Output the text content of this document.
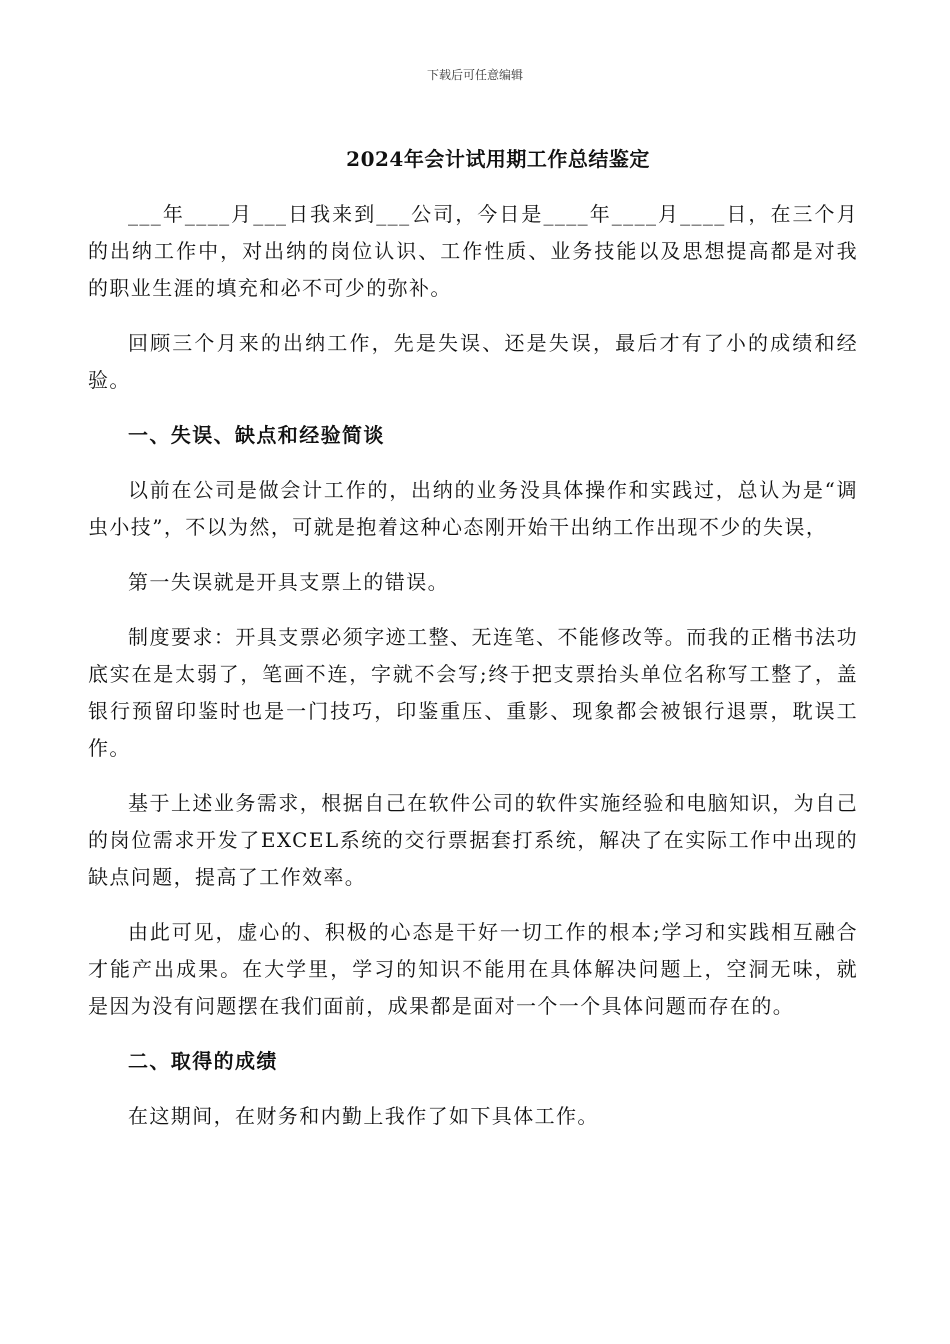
下载后可任意编辑
2024年会计试用期工作总结鉴定

___年____月___日我来到___公司，今日是____年____月____日，在三个月的出纳工作中，对出纳的岗位认识、工作性质、业务技能以及思想提高都是对我的职业生涯的填充和必不可少的弥补。

回顾三个月来的出纳工作，先是失误、还是失误，最后才有了小的成绩和经验。

一、失误、缺点和经验简谈

以前在公司是做会计工作的，出纳的业务没具体操作和实践过，总认为是“调虫小技”，不以为然，可就是抱着这种心态刚开始干出纳工作出现不少的失误，

第一失误就是开具支票上的错误。

制度要求：开具支票必须字迹工整、无连笔、不能修改等。而我的正楷书法功底实在是太弱了，笔画不连，字就不会写;终于把支票抬头单位名称写工整了，盖银行预留印鉴时也是一门技巧，印鉴重压、重影、现象都会被银行退票，耽误工作。

基于上述业务需求，根据自己在软件公司的软件实施经验和电脑知识，为自己的岗位需求开发了EXCEL系统的交行票据套打系统，解决了在实际工作中出现的缺点问题，提高了工作效率。

由此可见，虚心的、积极的心态是干好一切工作的根本;学习和实践相互融合才能产出成果。在大学里，学习的知识不能用在具体解决问题上，空洞无味，就是因为没有问题摆在我们面前，成果都是面对一个一个具体问题而存在的。

二、取得的成绩

在这期间，在财务和内勤上我作了如下具体工作。
